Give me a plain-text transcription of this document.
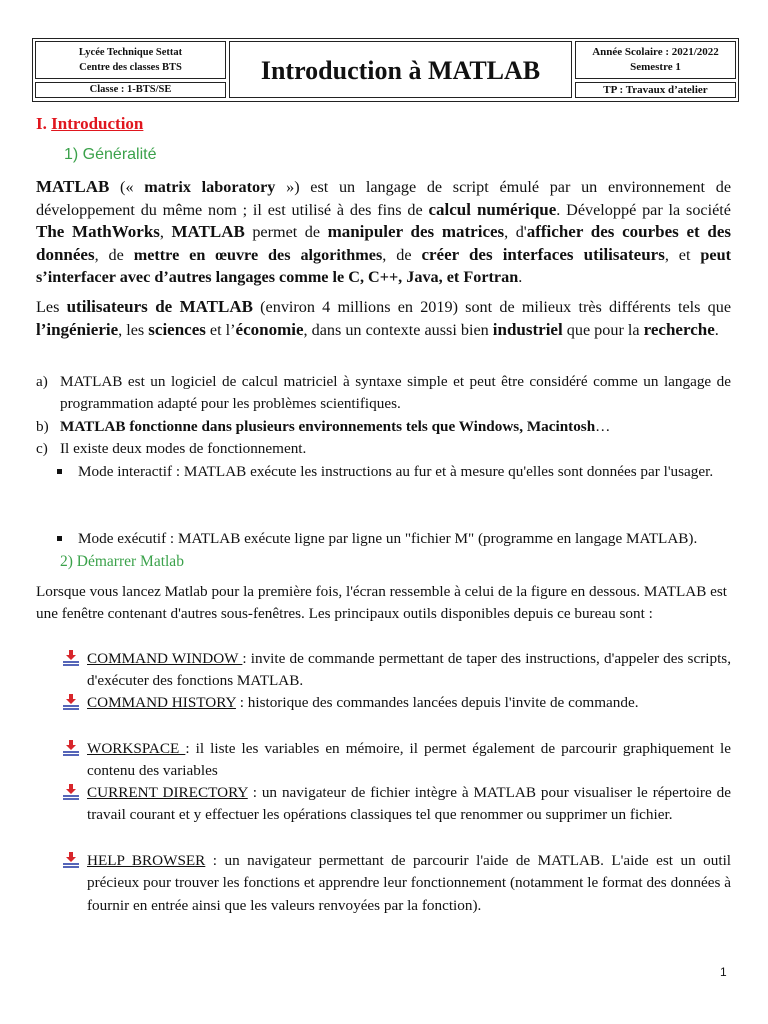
Lycée Technique Settat
Centre des classes BTS
Classe : 1-BTS/SE
Introduction à MATLAB
Année Scolaire : 2021/2022
Semestre 1
TP : Travaux d’atelier
I. Introduction
1) Généralité
MATLAB (« matrix laboratory ») est un langage de script émulé par un environnement de développement du même nom ; il est utilisé à des fins de calcul numérique. Développé par la société The MathWorks, MATLAB permet de manipuler des matrices, d'afficher des courbes et des données, de mettre en œuvre des algorithmes, de créer des interfaces utilisateurs, et peut s’interfacer avec d’autres langages comme le C, C++, Java, et Fortran.
Les utilisateurs de MATLAB (environ 4 millions en 2019) sont de milieux très différents tels que l’ingénierie, les sciences et l’économie, dans un contexte aussi bien industriel que pour la recherche.
a) MATLAB est un logiciel de calcul matriciel à syntaxe simple et peut être considéré comme un langage de programmation adapté pour les problèmes scientifiques.
b) MATLAB fonctionne dans plusieurs environnements tels que Windows, Macintosh…
c) Il existe deux modes de fonctionnement.
Mode interactif : MATLAB exécute les instructions au fur et à mesure qu'elles sont données par l'usager.
Mode exécutif : MATLAB exécute ligne par ligne un "fichier M" (programme en langage MATLAB).
2) Démarrer Matlab
Lorsque vous lancez Matlab pour la première fois, l'écran ressemble à celui de la figure en dessous. MATLAB est une fenêtre contenant d'autres sous-fenêtres. Les principaux outils disponibles depuis ce bureau sont :
COMMAND WINDOW : invite de commande permettant de taper des instructions, d'appeler des scripts, d'exécuter des fonctions MATLAB.
COMMAND HISTORY : historique des commandes lancées depuis l'invite de commande.
WORKSPACE : il liste les variables en mémoire, il permet également de parcourir graphiquement le contenu des variables
CURRENT DIRECTORY : un navigateur de fichier intègre à MATLAB pour visualiser le répertoire de travail courant et y effectuer les opérations classiques tel que renommer ou supprimer un fichier.
HELP BROWSER : un navigateur permettant de parcourir l'aide de MATLAB. L'aide est un outil précieux pour trouver les fonctions et apprendre leur fonctionnement (notamment le format des données à fournir en entrée ainsi que les valeurs renvoyées par la fonction).
1
